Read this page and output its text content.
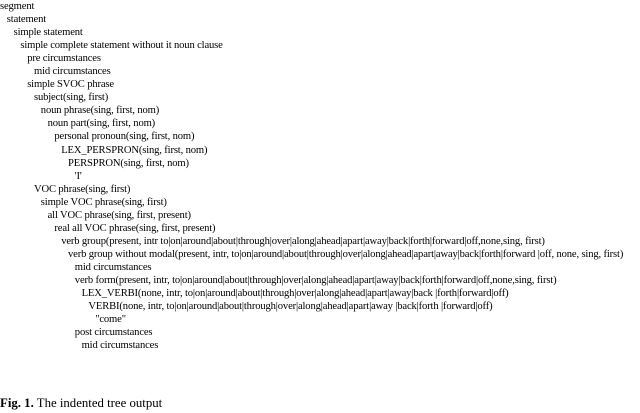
segment
statement
simple statement
simple complete statement without it noun clause
pre circumstances
mid circumstances
simple SVOC phrase
subject(sing, first)
noun phrase(sing, first, nom)
noun part(sing, first, nom)
personal pronoun(sing, first, nom)
LEX_PERSPRON(sing, first, nom)
PERSPRON(sing, first, nom)
'I'
VOC phrase(sing, first)
simple VOC phrase(sing, first)
all VOC phrase(sing, first, present)
real all VOC phrase(sing, first, present)
verb group(present, intr to|on|around|about|through|over|along|ahead|apart|away|back|forth|forward|off,none,sing, first)
verb group without modal(present, intr, to|on|around|about|through|over|along|ahead|apart|away|back|forth|forward |off, none, sing, first)
mid circumstances
verb form(present, intr, to|on|around|about|through|over|along|ahead|apart|away|back|forth|forward|off,none,sing, first)
LEX_VERBI(none, intr, to|on|around|about|through|over|along|ahead|apart|away|back |forth|forward|off)
VERBI(none, intr, to|on|around|about|through|over|along|ahead|apart|away |back|forth |forward|off)
"come"
post circumstances
mid circumstances
Fig. 1. The indented tree output
